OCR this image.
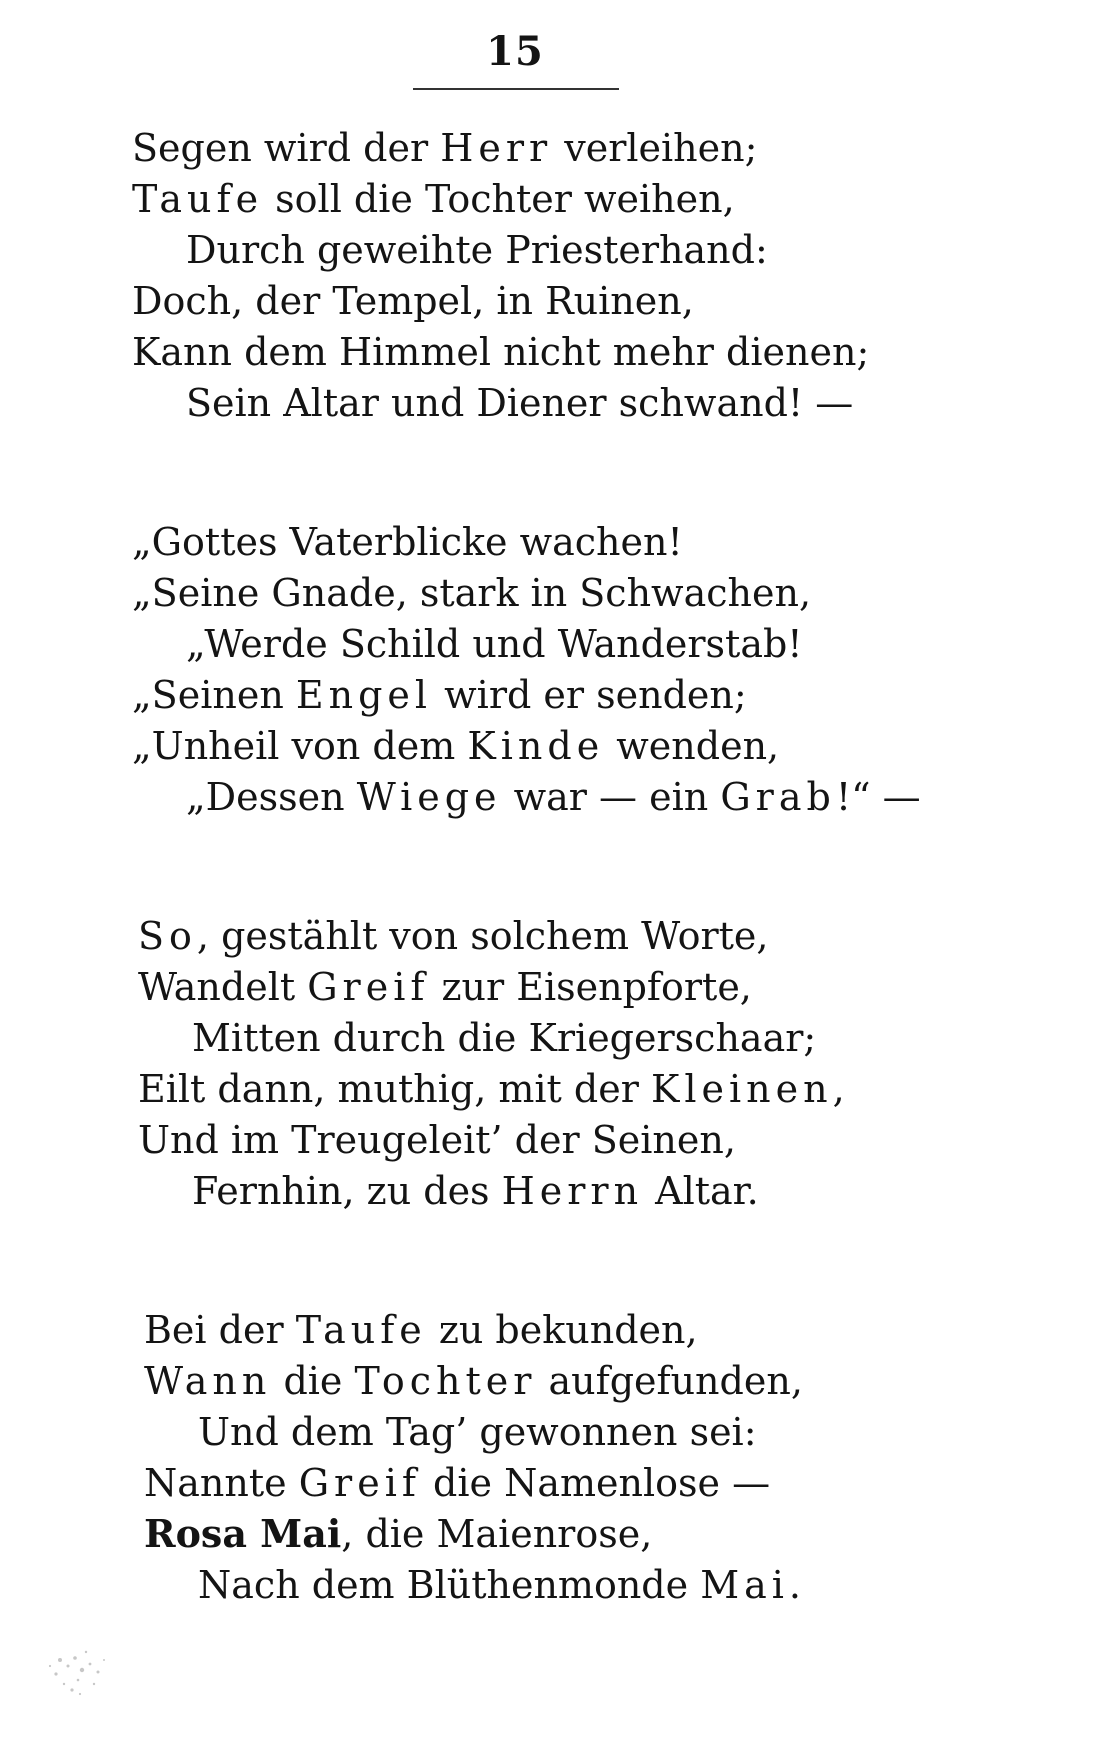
15
Segen wird der Herr verleihen;
Taufe soll die Tochter weihen,
Durch geweihte Priesterhand:
Doch, der Tempel, in Ruinen,
Kann dem Himmel nicht mehr dienen;
Sein Altar und Diener schwand! —
„Gottes Vaterblicke wachen!
„Seine Gnade, stark in Schwachen,
„Werde Schild und Wanderstab!
„Seinen Engel wird er senden;
„Unheil von dem Kinde wenden,
„Dessen Wiege war — ein Grab!“ —
So, gestählt von solchem Worte,
Wandelt Greif zur Eisenpforte,
Mitten durch die Kriegerschaar;
Eilt dann, muthig, mit der Kleinen,
Und im Treugeleit’ der Seinen,
Fernhin, zu des Herrn Altar.
Bei der Taufe zu bekunden,
Wann die Tochter aufgefunden,
Und dem Tag’ gewonnen sei:
Nannte Greif die Namenlose —
Rosa Mai, die Maienrose,
Nach dem Blüthenmonde Mai.
